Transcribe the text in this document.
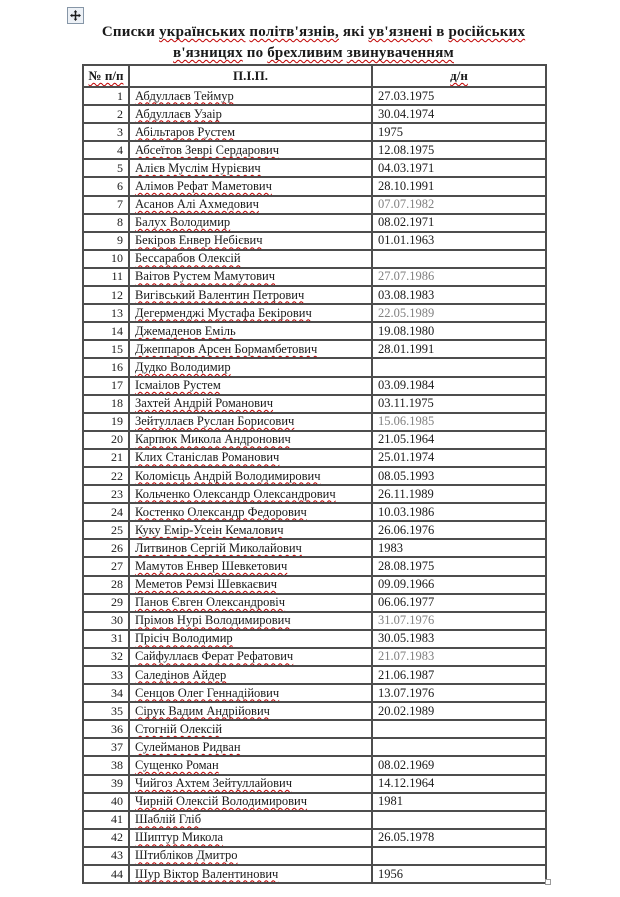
Списки українських політв'язнів, які ув'язнені в російських
в'язницях по брехливим звинуваченням
№ п/п	П.І.П.	д/н
1	Абдуллаєв Теймур	27.03.1975
2	Абдуллаєв Узаір	30.04.1974
3	Абільтаров Рустем	1975
4	Абсеїтов Зеврі Сердарович	12.08.1975
5	Алієв Муслім Нурієвич	04.03.1971
6	Алімов Рефат Маметович	28.10.1991
7	Асанов Алі Ахмедович	07.07.1982
8	Балух Володимир	08.02.1971
9	Бекіров Енвер Небієвич	01.01.1963
10	Бессарабов Олексій	
11	Ваітов Рустем Мамутович	27.07.1986
12	Вигівський Валентин Петрович	03.08.1983
13	Дегерменджі Мустафа Бекірович	22.05.1989
14	Джемаденов Еміль	19.08.1980
15	Джеппаров Арсен Бормамбетович	28.01.1991
16	Дудко Володимир	
17	Ісмаілов Рустем	03.09.1984
18	Захтей Андрій Романович	03.11.1975
19	Зейтуллаєв Руслан Борисович	15.06.1985
20	Карпюк Микола Андронович	21.05.1964
21	Клих Станіслав Романович	25.01.1974
22	Коломієць Андрій Володимирович	08.05.1993
23	Кольченко Олександр Олександрович	26.11.1989
24	Костенко Олександр Федорович	10.03.1986
25	Куку Емір-Усеін Кемалович	26.06.1976
26	Литвинов Сергій Миколайович	1983
27	Мамутов Енвер Шевкетович	28.08.1975
28	Меметов Ремзі Шевкаєвич	09.09.1966
29	Панов Євген Олександровіч	06.06.1977
30	Прімов Нурі Володимирович	31.07.1976
31	Прісіч Володимир	30.05.1983
32	Сайфуллаєв Ферат Рефатович	21.07.1983
33	Саледінов Айдер	21.06.1987
34	Сенцов Олег Геннадійович	13.07.1976
35	Сірук Вадим Андрійович	20.02.1989
36	Стогній Олексій	
37	Сулейманов Ридван	
38	Сущенко Роман	08.02.1969
39	Чийгоз Ахтем Зейтуллайович	14.12.1964
40	Чирній Олексій Володимирович	1981
41	Шаблій Гліб	
42	Шиптур Микола	26.05.1978
43	Штибліков Дмитро	
44	Шур Віктор Валентинович	1956
